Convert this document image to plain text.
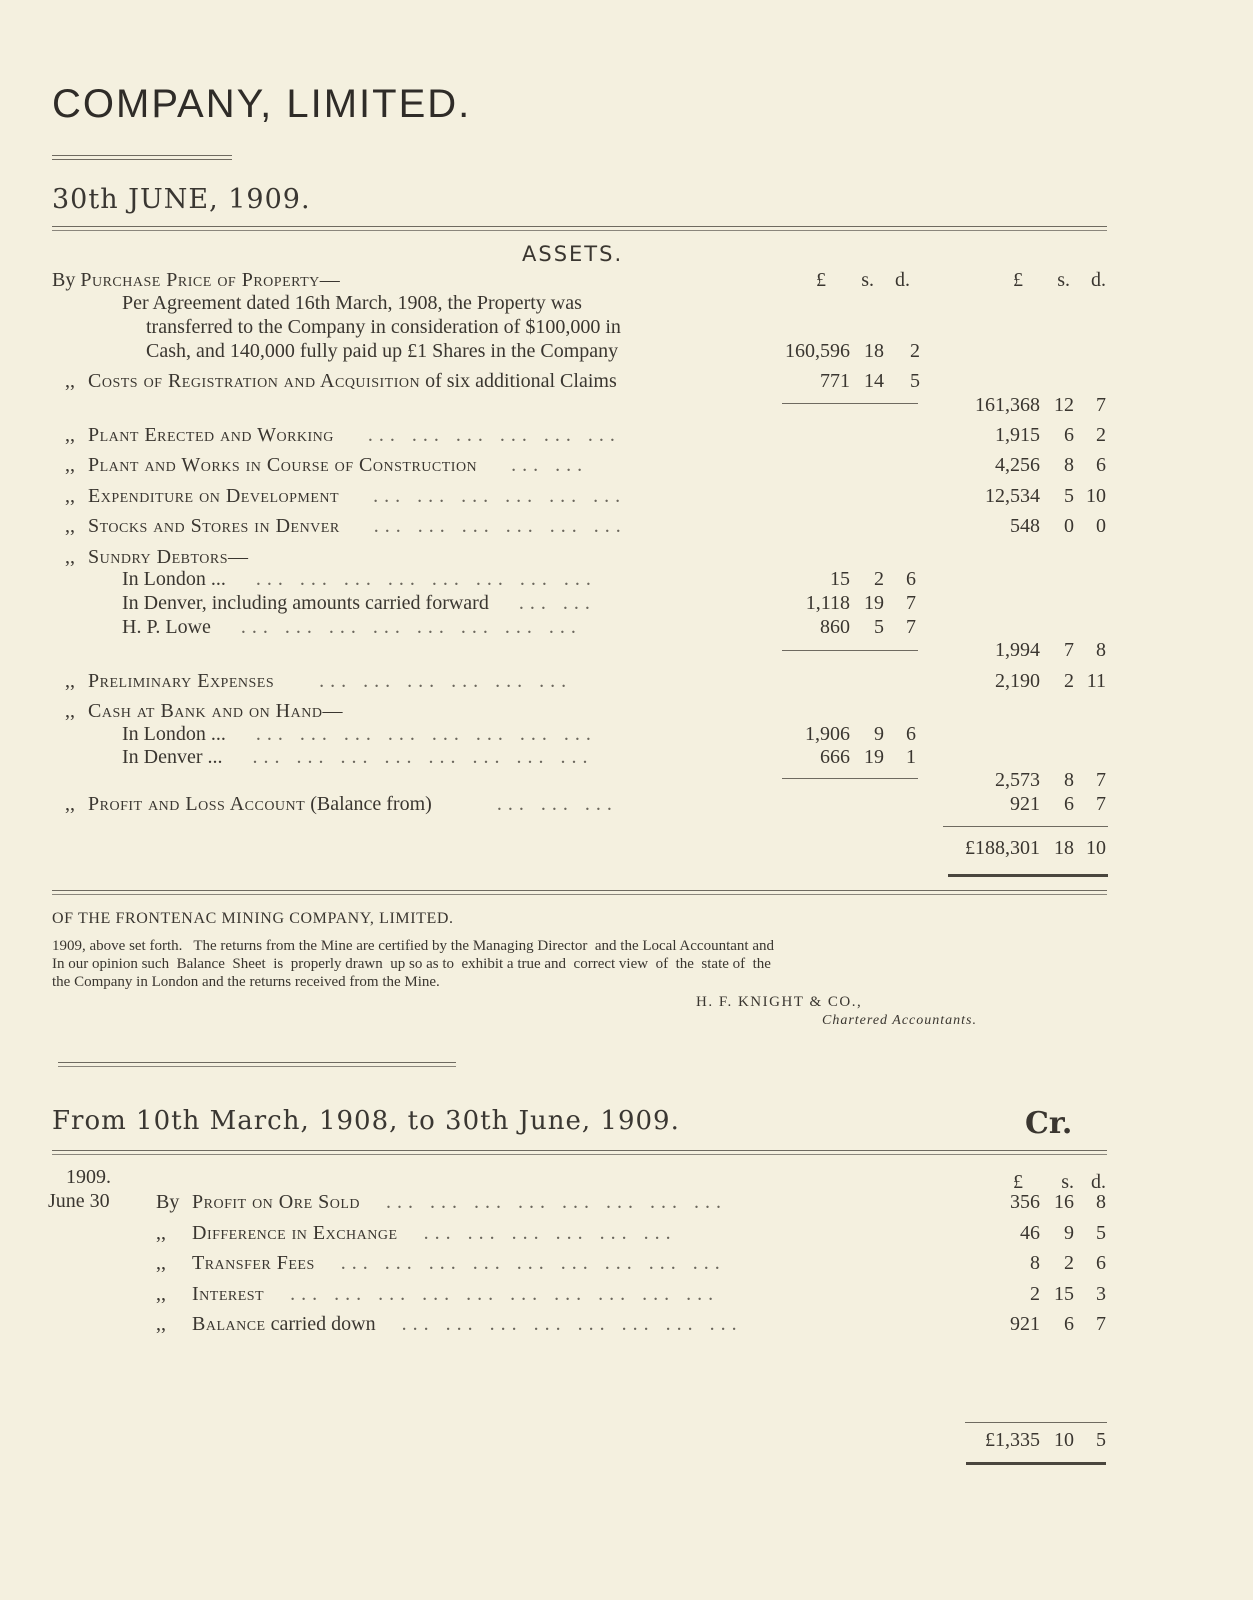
COMPANY, LIMITED.
30th JUNE, 1909.
ASSETS.
£	s.	d.	£	s.	d.
By Purchase Price of Property—
Per Agreement dated 16th March, 1908, the Property was
transferred to the Company in consideration of $100,000 in
Cash, and 140,000 fully paid up £1 Shares in the Company	160,596 18	2
,, Costs of Registration and Acquisition of six additional Claims	771 14	5
161,368 12	7
,, Plant Erected and Working ... ... ... ... ... ...	1,915	6	2
,, Plant and Works in Course of Construction ... ...	4,256	8	6
,, Expenditure on Development ... ... ... ... ... ...	12,534	5 10
,, Stocks and Stores in Denver ... ... ... ... ... ...	548	0	0
,, Sundry Debtors—
In London ... ... ... ... ... ... ... ... ...	15	2	6
In Denver, including amounts carried forward ... ...	1,118 19	7
H. P. Lowe ... ... ... ... ... ... ... ...	860	5	7
1,994	7	8
,, Preliminary Expenses ... ... ... ... ... ...	2,190	2 11
,, Cash at Bank and on Hand—
In London ... ... ... ... ... ... ... ... ...	1,906	9	6
In Denver ... ... ... ... ... ... ... ... ...	666 19	1
2,573	8	7
,, Profit and Loss Account (Balance from)	... ... ...	921	6	7
£188,301 18 10
OF THE FRONTENAC MINING COMPANY, LIMITED.
1909, above set forth.   The returns from the Mine are certified by the Managing Director  and the Local Accountant and
In our opinion such  Balance  Sheet  is  properly drawn  up so as to  exhibit a true and  correct view  of  the  state of  the
the Company in London and the returns received from the Mine.
H. F. KNIGHT & CO.,
Chartered Accountants.
From 10th March, 1908, to 30th June, 1909.	Cr.
1909.	£	s. d.
June 30 By Profit on Ore Sold ... ... ... ... ... ... ... ...	356 16	8
,, Difference in Exchange ... ... ... ... ... ...	46	9	5
,, Transfer Fees ... ... ... ... ... ... ... ... ...	8	2	6
,, Interest ... ... ... ... ... ... ... ... ... ...	2 15	3
,, Balance carried down ... ... ... ... ... ... ... ...	921	6	7
£1,335 10	5
